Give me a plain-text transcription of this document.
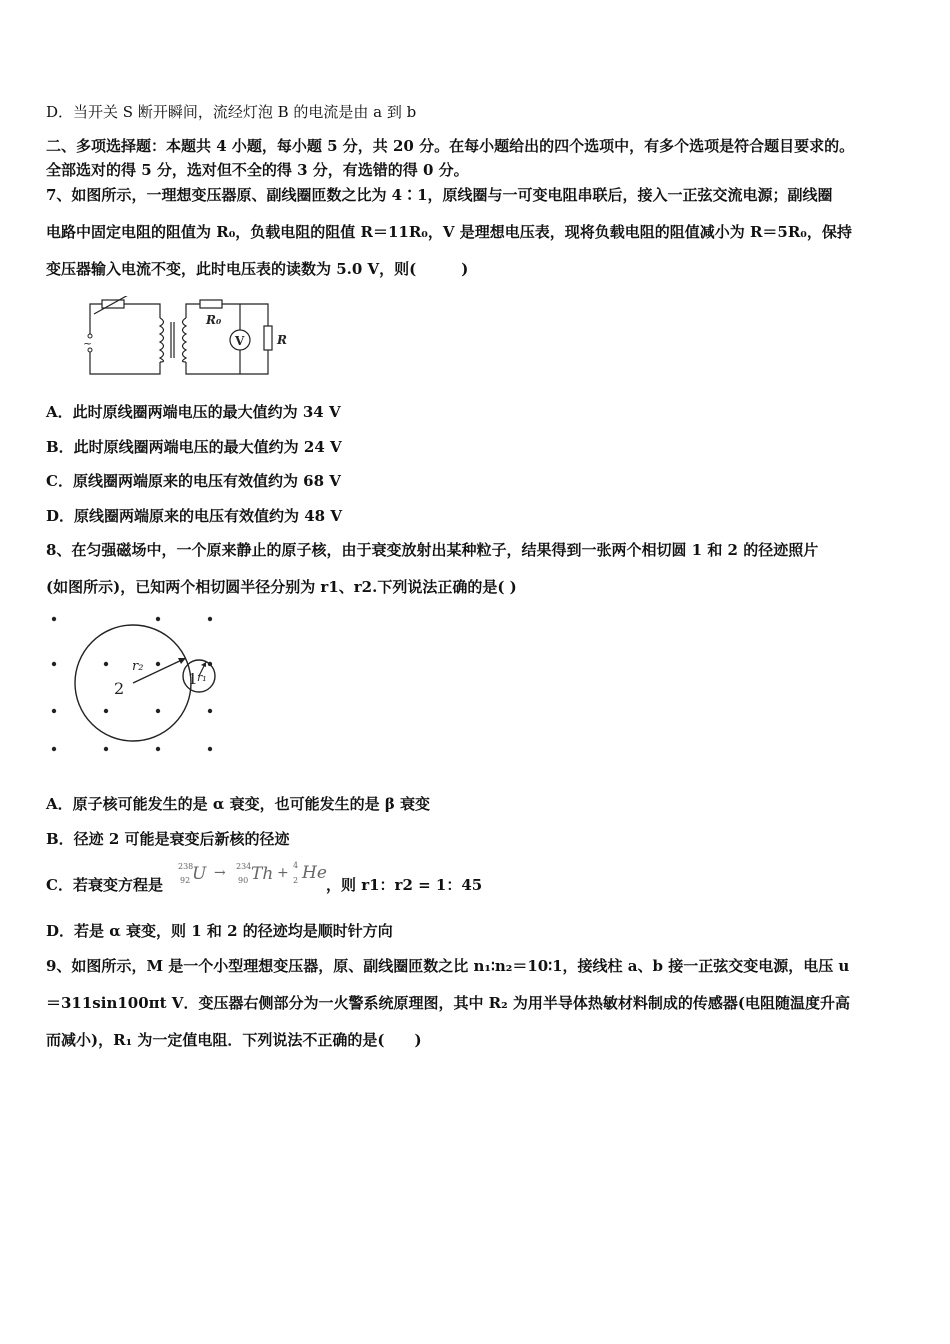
D．当开关 S 断开瞬间，流经灯泡 B 的电流是由 a 到 b
二、多项选择题：本题共 4 小题，每小题 5 分，共 20 分。在每小题给出的四个选项中，有多个选项是符合题目要求的。
全部选对的得 5 分，选对但不全的得 3 分，有选错的得 0 分。
7、如图所示，一理想变压器原、副线圈匝数之比为 4∶1，原线圈与一可变电阻串联后，接入一正弦交流电源；副线圈
电路中固定电阻的阻值为 R₀，负载电阻的阻值 R＝11R₀，V 是理想电压表，现将负载电阻的阻值减小为 R＝5R₀，保持
变压器输入电流不变，此时电压表的读数为 5.0 V，则(　　　)
~
R₀
V	R
A．此时原线圈两端电压的最大值约为 34 V
B．此时原线圈两端电压的最大值约为 24 V
C．原线圈两端原来的电压有效值约为 68 V
D．原线圈两端原来的电压有效值约为 48 V
8、在匀强磁场中，一个原来静止的原子核，由于衰变放射出某种粒子，结果得到一张两个相切圆 1 和 2 的径迹照片
(如图所示)，已知两个相切圆半径分别为 r1、r2.下列说法正确的是( )
2
r₂
1 r₁
A．原子核可能发生的是 α 衰变，也可能发生的是 β 衰变
B．径迹 2 可能是衰变后新核的径迹
C．若衰变方程是
238
92 U → 234
90 Th + 4
2 He
，则 r1：r2 = 1：45
D．若是 α 衰变，则 1 和 2 的径迹均是顺时针方向
9、如图所示，M 是一个小型理想变压器，原、副线圈匝数之比 n₁∶n₂＝10∶1，接线柱 a、b 接一正弦交变电源，电压 u
＝311sin100πt V．变压器右侧部分为一火警系统原理图，其中 R₂ 为用半导体热敏材料制成的传感器(电阻随温度升高
而减小)，R₁ 为一定值电阻．下列说法不正确的是(　　)
